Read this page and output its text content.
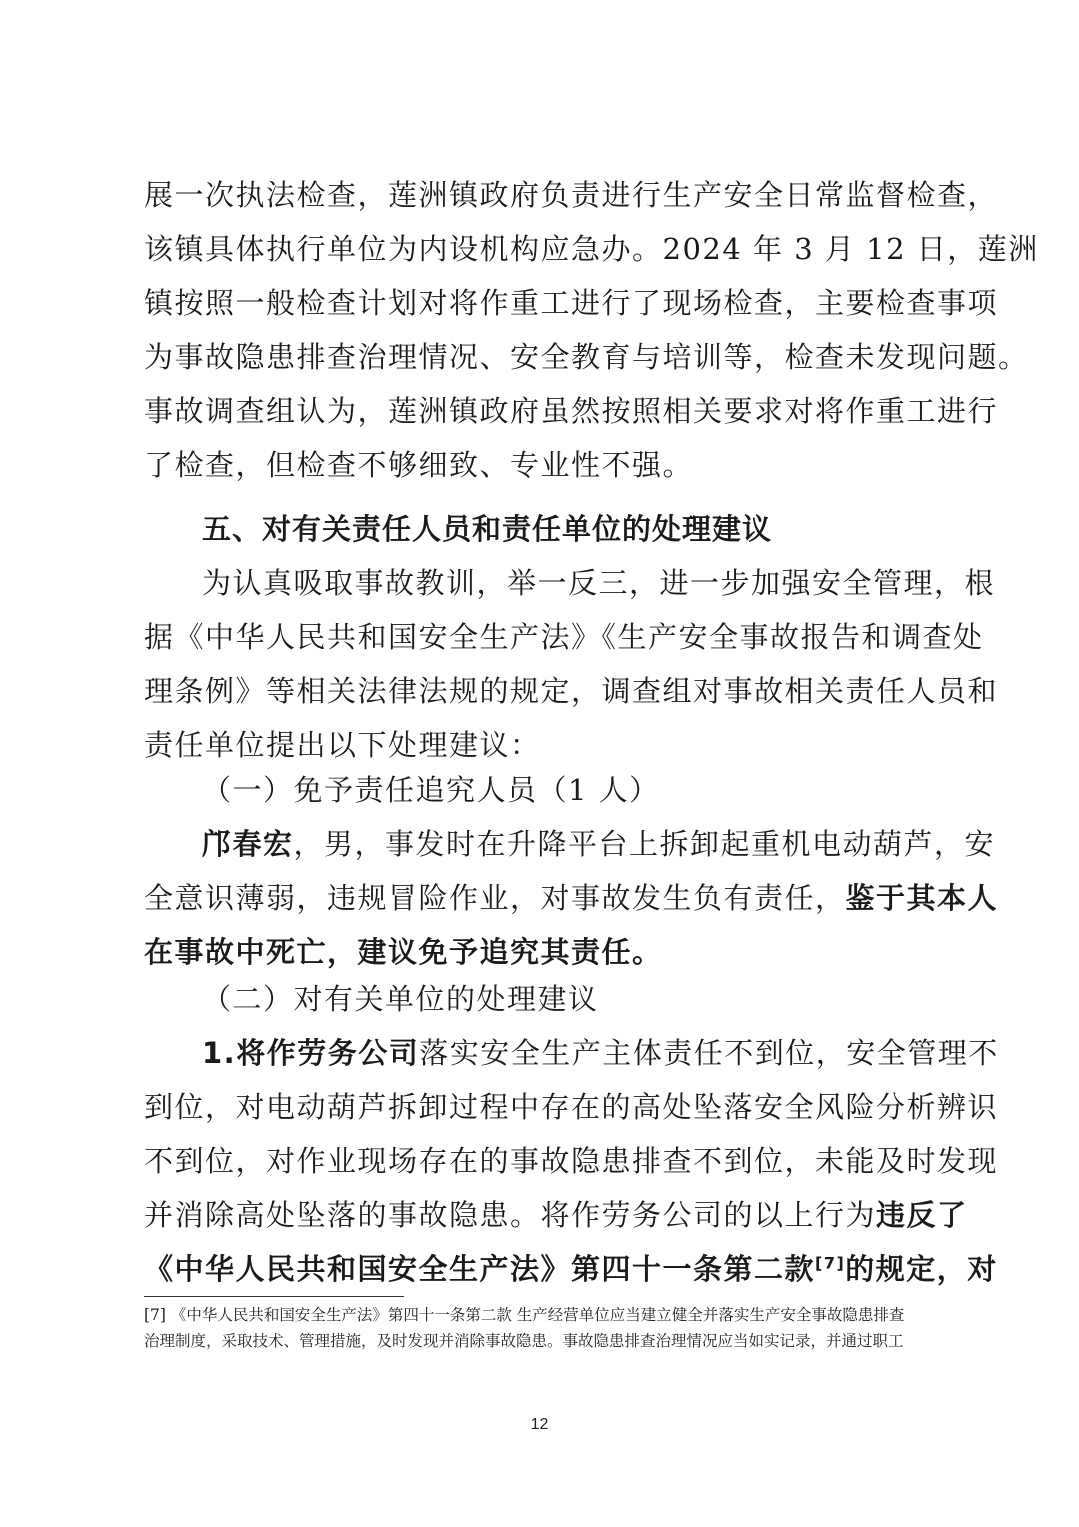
展一次执法检查，莲洲镇政府负责进行生产安全日常监督检查，
该镇具体执行单位为内设机构应急办。2024 年 3 月 12 日，莲洲
镇按照一般检查计划对将作重工进行了现场检查，主要检查事项
为事故隐患排查治理情况、安全教育与培训等，检查未发现问题。
事故调查组认为，莲洲镇政府虽然按照相关要求对将作重工进行
了检查，但检查不够细致、专业性不强。
五、对有关责任人员和责任单位的处理建议
为认真吸取事故教训，举一反三，进一步加强安全管理，根
据《中华人民共和国安全生产法》《生产安全事故报告和调查处
理条例》等相关法律法规的规定，调查组对事故相关责任人员和
责任单位提出以下处理建议：
（一）免予责任追究人员（1 人）
邝春宏，男，事发时在升降平台上拆卸起重机电动葫芦，安
全意识薄弱，违规冒险作业，对事故发生负有责任，鉴于其本人
在事故中死亡，建议免予追究其责任。
（二）对有关单位的处理建议
1.将作劳务公司落实安全生产主体责任不到位，安全管理不
到位，对电动葫芦拆卸过程中存在的高处坠落安全风险分析辨识
不到位，对作业现场存在的事故隐患排查不到位，未能及时发现
并消除高处坠落的事故隐患。将作劳务公司的以上行为违反了
《中华人民共和国安全生产法》第四十一条第二款[7]的规定，对
[7] 《中华人民共和国安全生产法》第四十一条第二款 生产经营单位应当建立健全并落实生产安全事故隐患排查
治理制度，采取技术、管理措施，及时发现并消除事故隐患。事故隐患排查治理情况应当如实记录，并通过职工
12
